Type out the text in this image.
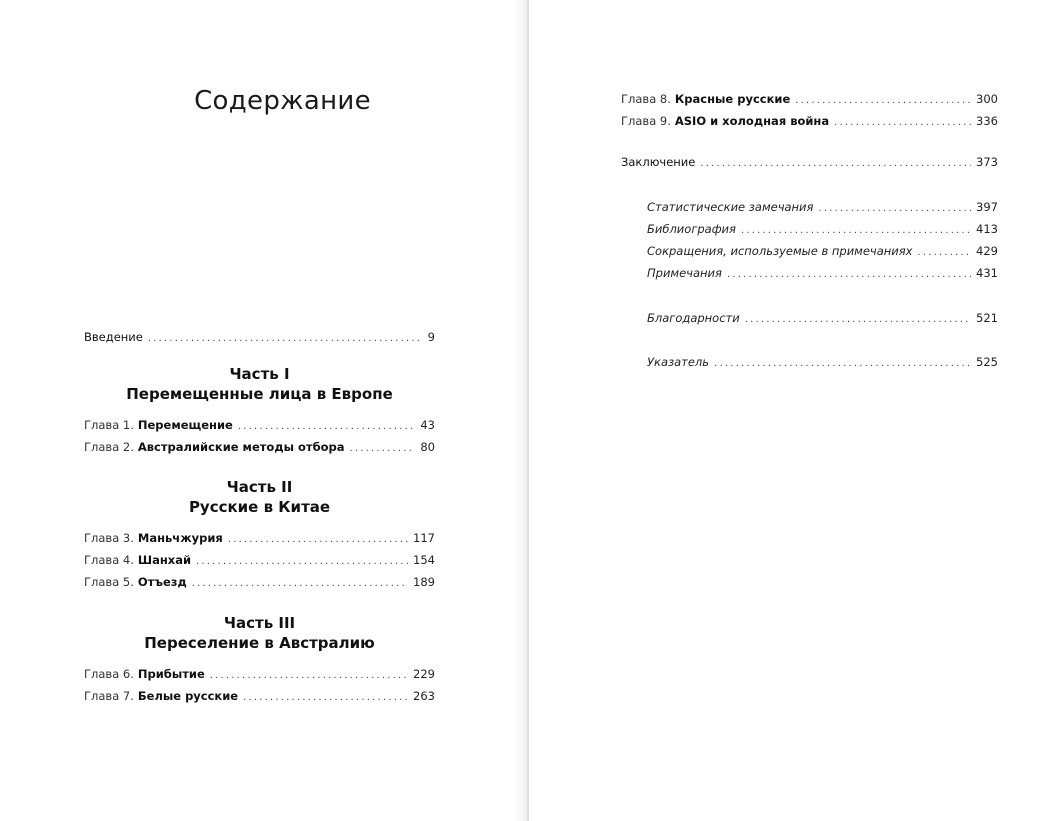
Содержание
Введение .....	9
Часть I
Перемещенные лица в Европе
Глава 1. Перемещение .....	43
Глава 2. Австралийские методы отбора .....	80
Часть II
Русские в Китае
Глава 3. Маньчжурия .....	117
Глава 4. Шанхай .....	154
Глава 5. Отъезд .....	189
Часть III
Переселение в Австралию
Глава 6. Прибытие .....	229
Глава 7. Белые русские .....	263
Глава 8. Красные русские .....	300
Глава 9. ASIO и холодная война .....	336
Заключение .....	373
Статистические замечания .....	397
Библиография .....	413
Сокращения, используемые в примечаниях .....	429
Примечания .....	431
Благодарности .....	521
Указатель .....	525
